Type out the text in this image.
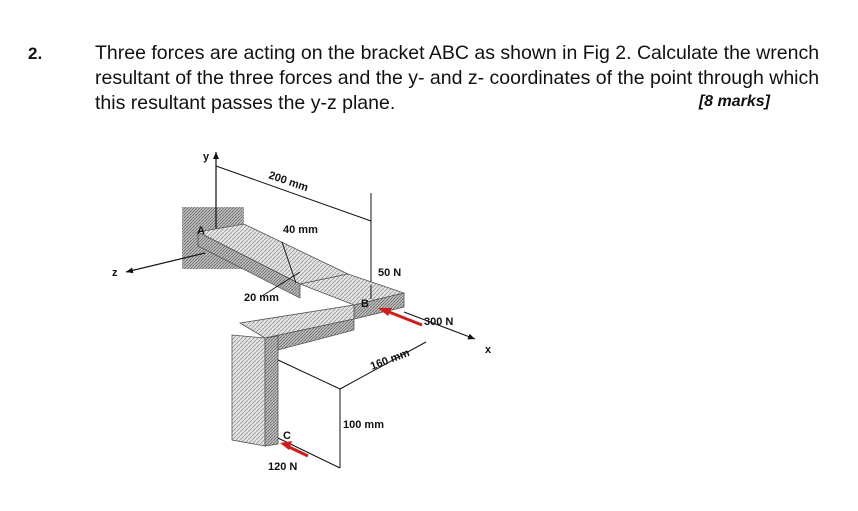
2.	Three forces are acting on the bracket ABC as shown in Fig 2. Calculate the wrench
resultant of the three forces and the y- and z- coordinates of the point through which
this resultant passes the y-z plane.	[8 marks]
y
z
200 mm
40 mm
20 mm
A
B
C
50 N
300 N
x
160 mm
100 mm
120 N
